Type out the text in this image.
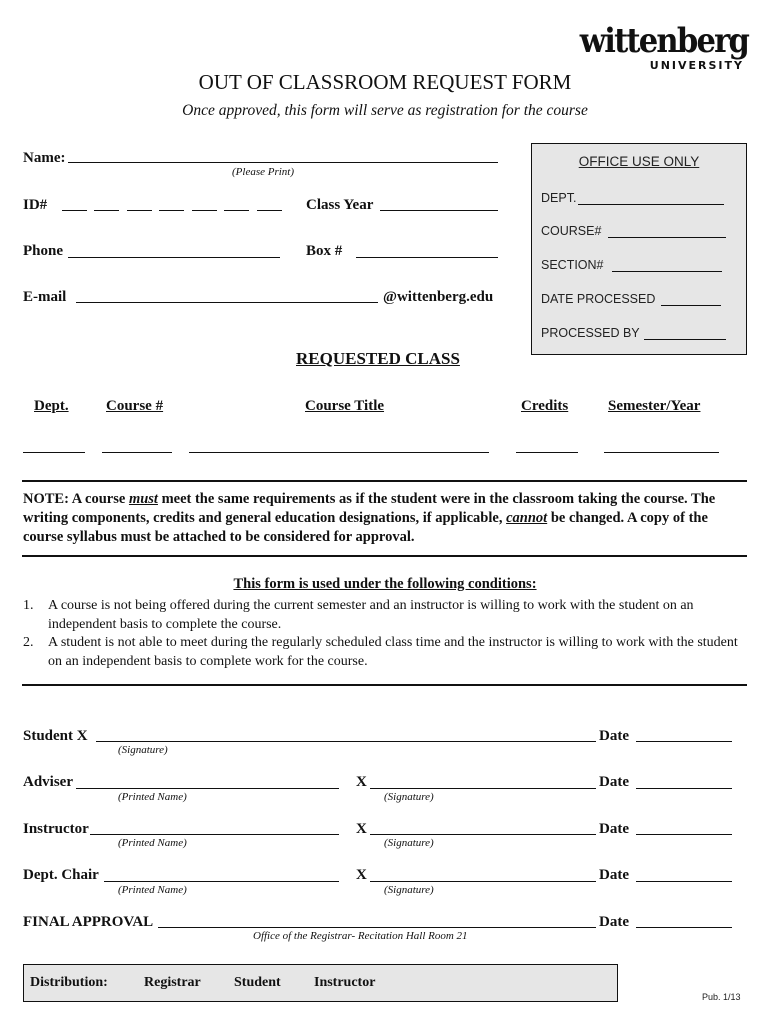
wittenberg
UNIVERSITY
OUT OF CLASSROOM REQUEST FORM
Once approved, this form will serve as registration for the course
Name:
(Please Print)
ID#	Class Year
Phone	Box #
E-mail	@wittenberg.edu
OFFICE USE ONLY
DEPT.
COURSE#
SECTION#
DATE PROCESSED
PROCESSED BY
REQUESTED CLASS
Dept. Course #	Course Title	Credits	Semester/Year
NOTE: A course must meet the same requirements as if the student were in the classroom taking the course. The writing components, credits and general education designations, if applicable, cannot be changed. A copy of the course syllabus must be attached to be considered for approval.
This form is used under the following conditions:
1. A course is not being offered during the current semester and an instructor is willing to work with the student on an independent basis to complete the course.
2. A student is not able to meet during the regularly scheduled class time and the instructor is willing to work with the student on an independent basis to complete work for the course.
Student X
(Signature)
Date
Adviser
(Printed Name)
X
(Signature)
Date
Instructor
(Printed Name)
X
(Signature)
Date
Dept. Chair
(Printed Name)
X
(Signature)
Date
FINAL APPROVAL
Office of the Registrar- Recitation Hall Room 21
Date
Distribution:	Registrar Student Instructor
Pub. 1/13
